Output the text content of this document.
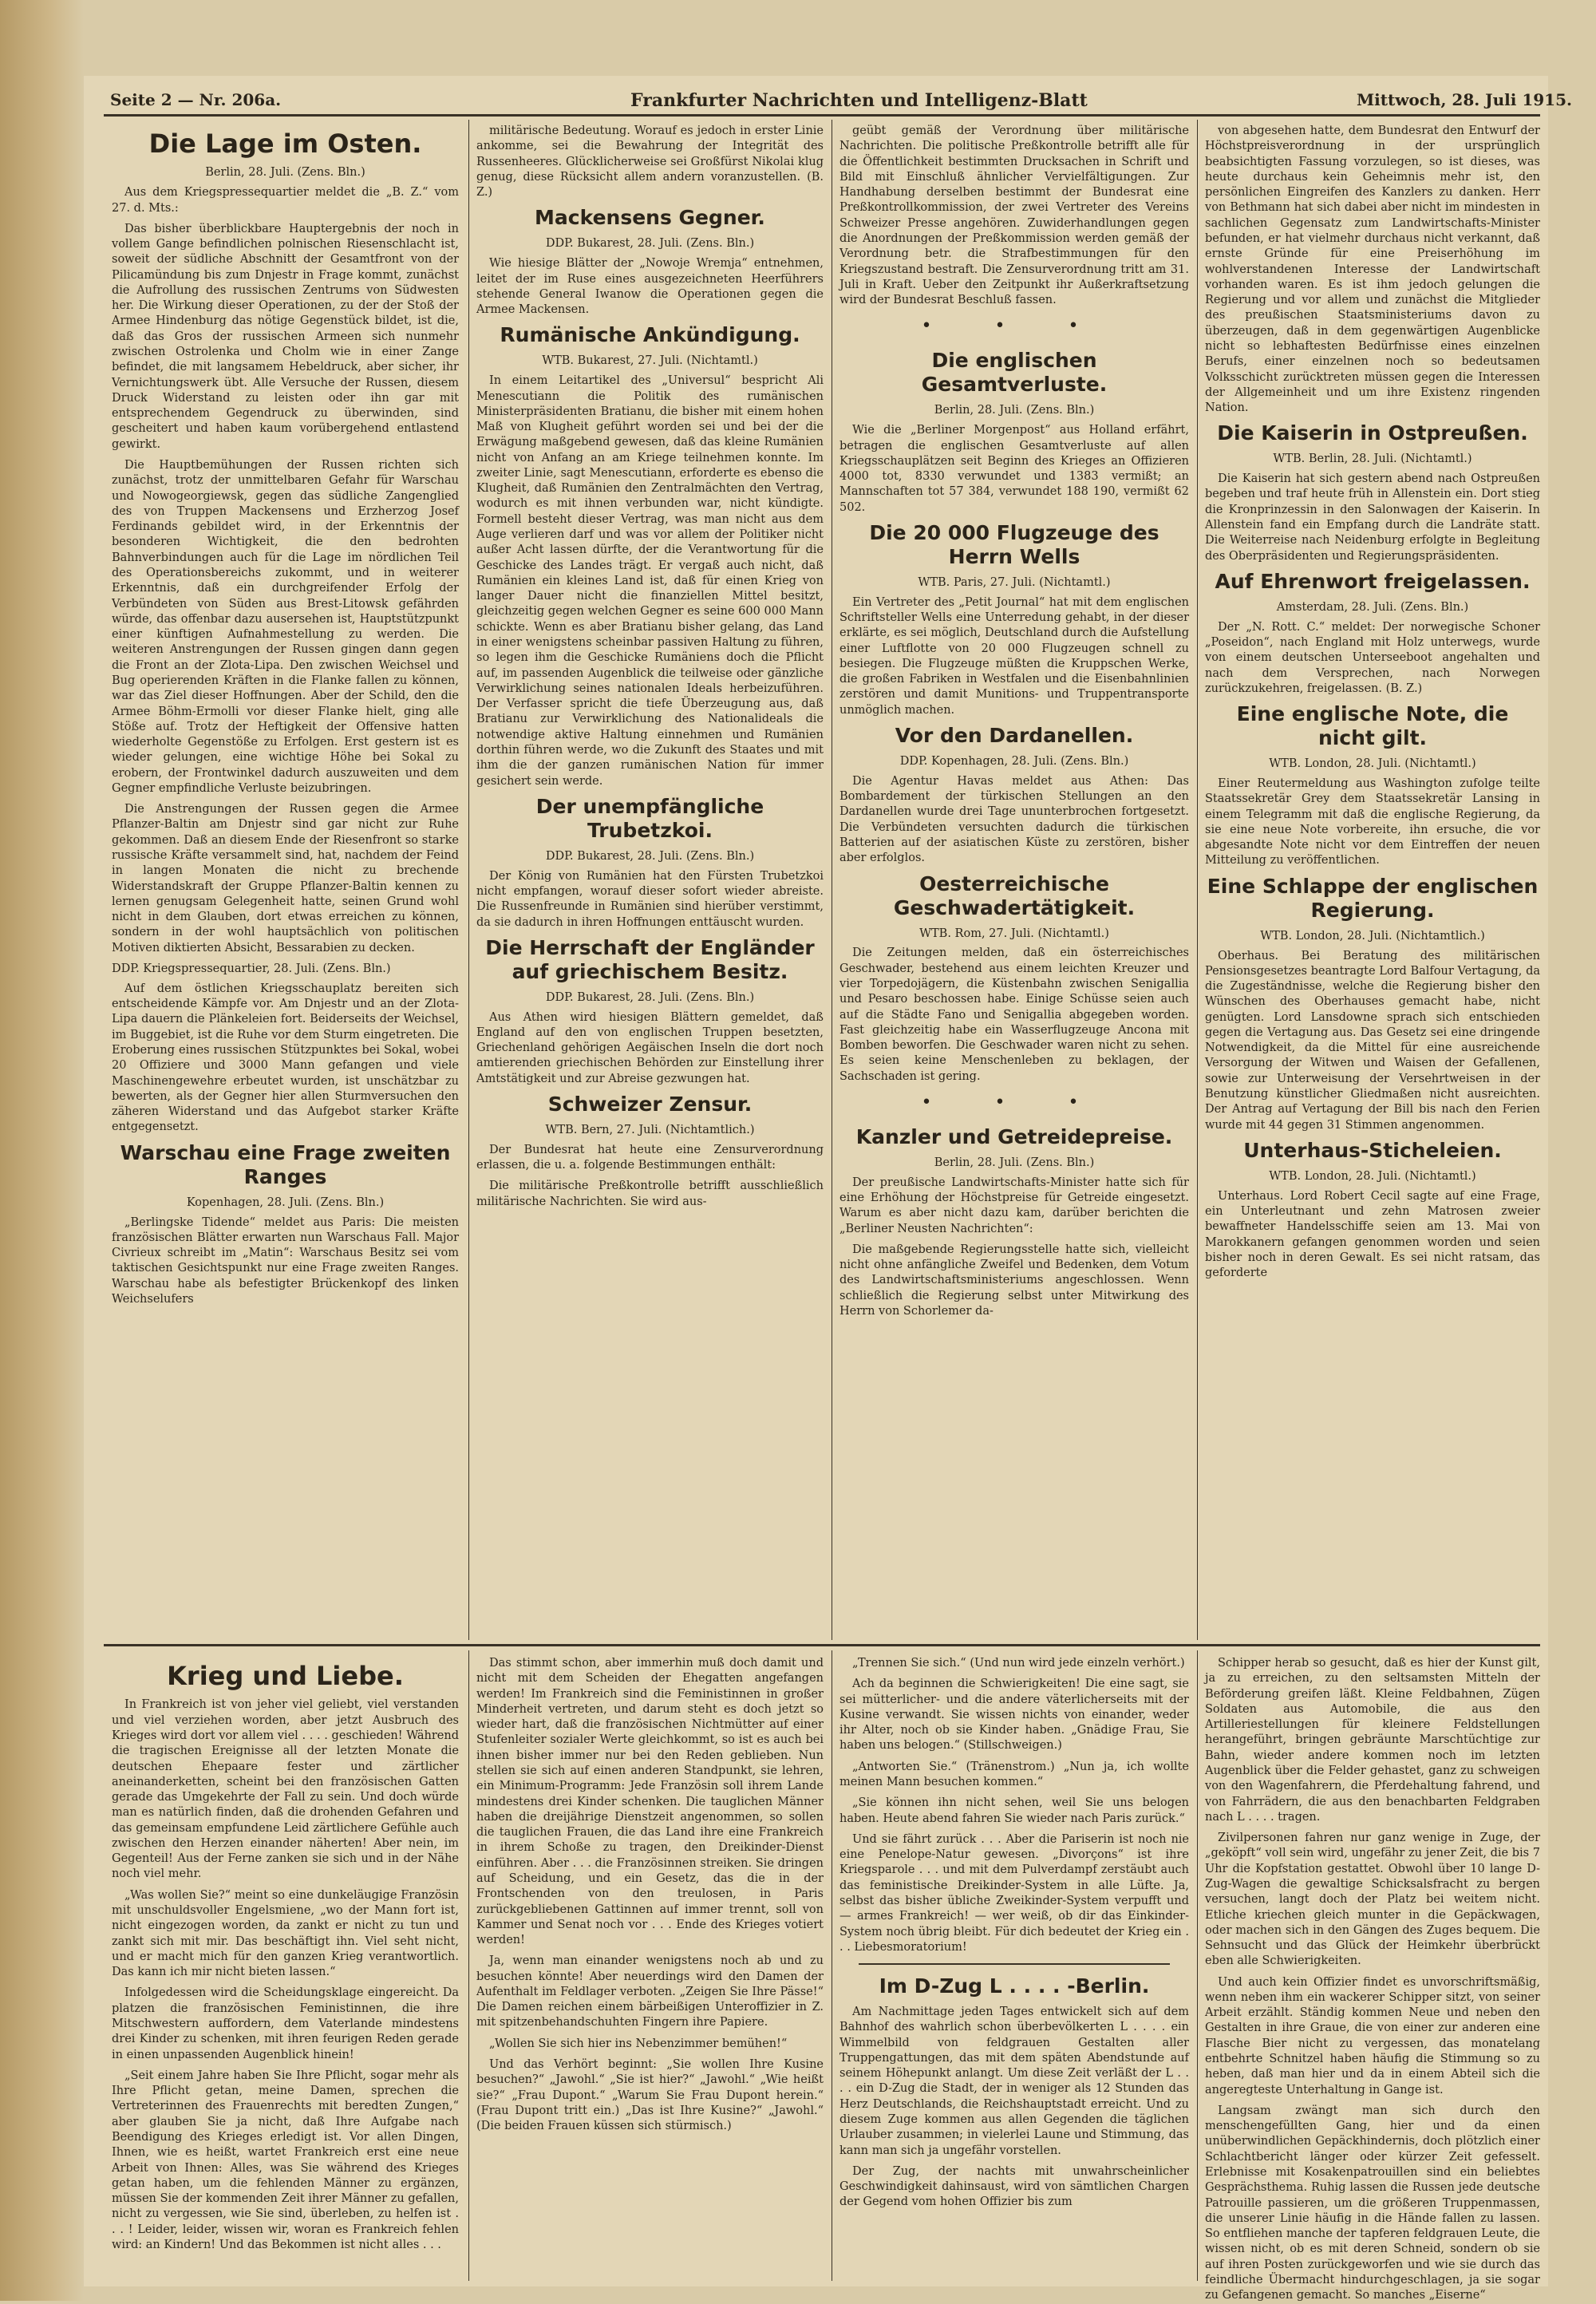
Seite 2 — Nr. 206a.	Frankfurter Nachrichten und Intelligenz-Blatt	Mittwoch, 28. Juli 1915.
Die Lage im Osten.
Berlin, 28. Juli. (Zens. Bln.)

Aus dem Kriegspressequartier meldet die „B. Z.“ vom 27. d. Mts.:

Das bisher überblickbare Hauptergebnis der noch in vollem Gange befindlichen polnischen Riesenschlacht ist, soweit der südliche Abschnitt der Gesamtfront von der Pilicamündung bis zum Dnjestr in Frage kommt, zunächst die Aufrollung des russischen Zentrums von Südwesten her. Die Wirkung dieser Operationen, zu der der Stoß der Armee Hindenburg das nötige Gegenstück bildet, ist die, daß das Gros der russischen Armeen sich nunmehr zwischen Ostrolenka und Cholm wie in einer Zange befindet, die mit langsamem Hebeldruck, aber sicher, ihr Vernichtungswerk übt. Alle Versuche der Russen, diesem Druck Widerstand zu leisten oder ihn gar mit entsprechendem Gegendruck zu überwinden, sind gescheitert und haben kaum vorübergehend entlastend gewirkt.

Die Hauptbemühungen der Russen richten sich zunächst, trotz der unmittelbaren Gefahr für Warschau und Nowogeorgiewsk, gegen das südliche Zangenglied des von Truppen Mackensens und Erzherzog Josef Ferdinands gebildet wird, in der Erkenntnis der besonderen Wichtigkeit, die den bedrohten Bahnverbindungen auch für die Lage im nördlichen Teil des Operationsbereichs zukommt, und in weiterer Erkenntnis, daß ein durchgreifender Erfolg der Verbündeten von Süden aus Brest-Litowsk gefährden würde, das offenbar dazu ausersehen ist, Hauptstützpunkt einer künftigen Aufnahmestellung zu werden. Die weiteren Anstrengungen der Russen gingen dann gegen die Front an der Zlota-Lipa. Den zwischen Weichsel und Bug operierenden Kräften in die Flanke fallen zu können, war das Ziel dieser Hoffnungen. Aber der Schild, den die Armee Böhm-Ermolli vor dieser Flanke hielt, ging alle Stöße auf. Trotz der Heftigkeit der Offensive hatten wiederholte Gegenstöße zu Erfolgen. Erst gestern ist es wieder gelungen, eine wichtige Höhe bei Sokal zu erobern, der Frontwinkel dadurch auszuweiten und dem Gegner empfindliche Verluste beizubringen.

Die Anstrengungen der Russen gegen die Armee Pflanzer-Baltin am Dnjestr sind gar nicht zur Ruhe gekommen. Daß an diesem Ende der Riesenfront so starke russische Kräfte versammelt sind, hat, nachdem der Feind in langen Monaten die nicht zu brechende Widerstandskraft der Gruppe Pflanzer-Baltin kennen zu lernen genugsam Gelegenheit hatte, seinen Grund wohl nicht in dem Glauben, dort etwas erreichen zu können, sondern in der wohl hauptsächlich von politischen Motiven diktierten Absicht, Bessarabien zu decken.

DDP. Kriegspressequartier, 28. Juli. (Zens. Bln.)

Auf dem östlichen Kriegsschauplatz bereiten sich entscheidende Kämpfe vor. Am Dnjestr und an der Zlota-Lipa dauern die Plänkeleien fort. Beiderseits der Weichsel, im Buggebiet, ist die Ruhe vor dem Sturm eingetreten. Die Eroberung eines russischen Stützpunktes bei Sokal, wobei 20 Offiziere und 3000 Mann gefangen und viele Maschinengewehre erbeutet wurden, ist unschätzbar zu bewerten, als der Gegner hier allen Sturmversuchen den zäheren Widerstand und das Aufgebot starker Kräfte entgegensetzt.

Warschau eine Frage zweiten Ranges
Kopenhagen, 28. Juli. (Zens. Bln.)

„Berlingske Tidende“ meldet aus Paris: Die meisten französischen Blätter erwarten nun Warschaus Fall. Major Civrieux schreibt im „Matin“: Warschaus Besitz sei vom taktischen Gesichtspunkt nur eine Frage zweiten Ranges. Warschau habe als befestigter Brückenkopf des linken Weichselufers

militärische Bedeutung. Worauf es jedoch in erster Linie ankomme, sei die Bewahrung der Integrität des Russenheeres. Glücklicherweise sei Großfürst Nikolai klug genug, diese Rücksicht allem andern voranzustellen. (B. Z.)

Mackensens Gegner.
DDP. Bukarest, 28. Juli. (Zens. Bln.)

Wie hiesige Blätter der „Nowoje Wremja“ entnehmen, leitet der im Ruse eines ausgezeichneten Heerführers stehende General Iwanow die Operationen gegen die Armee Mackensen.

Rumänische Ankündigung.
WTB. Bukarest, 27. Juli. (Nichtamtl.)

In einem Leitartikel des „Universul“ bespricht Ali Menescutiann die Politik des rumänischen Ministerpräsidenten Bratianu, die bisher mit einem hohen Maß von Klugheit geführt worden sei und bei der die Erwägung maßgebend gewesen, daß das kleine Rumänien nicht von Anfang an am Kriege teilnehmen konnte. Im zweiter Linie, sagt Menescutiann, erforderte es ebenso die Klugheit, daß Rumänien den Zentralmächten den Vertrag, wodurch es mit ihnen verbunden war, nicht kündigte. Formell besteht dieser Vertrag, was man nicht aus dem Auge verlieren darf und was vor allem der Politiker nicht außer Acht lassen dürfte, der die Verantwortung für die Geschicke des Landes trägt. Er vergaß auch nicht, daß Rumänien ein kleines Land ist, daß für einen Krieg von langer Dauer nicht die finanziellen Mittel besitzt, gleichzeitig gegen welchen Gegner es seine 600 000 Mann schickte. Wenn es aber Bratianu bisher gelang, das Land in einer wenigstens scheinbar passiven Haltung zu führen, so legen ihm die Geschicke Rumäniens doch die Pflicht auf, im passenden Augenblick die teilweise oder gänzliche Verwirklichung seines nationalen Ideals herbeizuführen. Der Verfasser spricht die tiefe Überzeugung aus, daß Bratianu zur Verwirklichung des Nationalideals die notwendige aktive Haltung einnehmen und Rumänien dorthin führen werde, wo die Zukunft des Staates und mit ihm die der ganzen rumänischen Nation für immer gesichert sein werde.

Der unempfängliche Trubetzkoi.
DDP. Bukarest, 28. Juli. (Zens. Bln.)

Der König von Rumänien hat den Fürsten Trubetzkoi nicht empfangen, worauf dieser sofort wieder abreiste. Die Russenfreunde in Rumänien sind hierüber verstimmt, da sie dadurch in ihren Hoffnungen enttäuscht wurden.

Die Herrschaft der Engländer auf griechischem Besitz.
DDP. Bukarest, 28. Juli. (Zens. Bln.)

Aus Athen wird hiesigen Blättern gemeldet, daß England auf den von englischen Truppen besetzten, Griechenland gehörigen Aegäischen Inseln die dort noch amtierenden griechischen Behörden zur Einstellung ihrer Amtstätigkeit und zur Abreise gezwungen hat.

Schweizer Zensur.
WTB. Bern, 27. Juli. (Nichtamtlich.)

Der Bundesrat hat heute eine Zensurverordnung erlassen, die u. a. folgende Bestimmungen enthält:

Die militärische Preßkontrolle betrifft ausschließlich militärische Nachrichten. Sie wird aus-

geübt gemäß der Verordnung über militärische Nachrichten. Die politische Preßkontrolle betrifft alle für die Öffentlichkeit bestimmten Drucksachen in Schrift und Bild mit Einschluß ähnlicher Vervielfältigungen. Zur Handhabung derselben bestimmt der Bundesrat eine Preßkontrollkommission, der zwei Vertreter des Vereins Schweizer Presse angehören. Zuwiderhandlungen gegen die Anordnungen der Preßkommission werden gemäß der Verordnung betr. die Strafbestimmungen für den Kriegszustand bestraft. Die Zensurverordnung tritt am 31. Juli in Kraft. Ueber den Zeitpunkt ihr Außerkraftsetzung wird der Bundesrat Beschluß fassen.

• • •
Die englischen Gesamtverluste.
Berlin, 28. Juli. (Zens. Bln.)

Wie die „Berliner Morgenpost“ aus Holland erfährt, betragen die englischen Gesamtverluste auf allen Kriegsschauplätzen seit Beginn des Krieges an Offizieren 4000 tot, 8330 verwundet und 1383 vermißt; an Mannschaften tot 57 384, verwundet 188 190, vermißt 62 502.

Die 20 000 Flugzeuge des Herrn Wells
WTB. Paris, 27. Juli. (Nichtamtl.)

Ein Vertreter des „Petit Journal“ hat mit dem englischen Schriftsteller Wells eine Unterredung gehabt, in der dieser erklärte, es sei möglich, Deutschland durch die Aufstellung einer Luftflotte von 20 000 Flugzeugen schnell zu besiegen. Die Flugzeuge müßten die Kruppschen Werke, die großen Fabriken in Westfalen und die Eisenbahnlinien zerstören und damit Munitions- und Truppentransporte unmöglich machen.

Vor den Dardanellen.
DDP. Kopenhagen, 28. Juli. (Zens. Bln.)

Die Agentur Havas meldet aus Athen: Das Bombardement der türkischen Stellungen an den Dardanellen wurde drei Tage ununterbrochen fortgesetzt. Die Verbündeten versuchten dadurch die türkischen Batterien auf der asiatischen Küste zu zerstören, bisher aber erfolglos.

Oesterreichische Geschwadertätigkeit.
WTB. Rom, 27. Juli. (Nichtamtl.)

Die Zeitungen melden, daß ein österreichisches Geschwader, bestehend aus einem leichten Kreuzer und vier Torpedojägern, die Küstenbahn zwischen Senigallia und Pesaro beschossen habe. Einige Schüsse seien auch auf die Städte Fano und Senigallia abgegeben worden. Fast gleichzeitig habe ein Wasserflugzeuge Ancona mit Bomben beworfen. Die Geschwader waren nicht zu sehen. Es seien keine Menschenleben zu beklagen, der Sachschaden ist gering.

• • •
Kanzler und Getreidepreise.
Berlin, 28. Juli. (Zens. Bln.)

Der preußische Landwirtschafts-Minister hatte sich für eine Erhöhung der Höchstpreise für Getreide eingesetzt. Warum es aber nicht dazu kam, darüber berichten die „Berliner Neusten Nachrichten“:

Die maßgebende Regierungsstelle hatte sich, vielleicht nicht ohne anfängliche Zweifel und Bedenken, dem Votum des Landwirtschaftsministeriums angeschlossen. Wenn schließlich die Regierung selbst unter Mitwirkung des Herrn von Schorlemer da-

von abgesehen hatte, dem Bundesrat den Entwurf der Höchstpreisverordnung in der ursprünglich beabsichtigten Fassung vorzulegen, so ist dieses, was heute durchaus kein Geheimnis mehr ist, den persönlichen Eingreifen des Kanzlers zu danken. Herr von Bethmann hat sich dabei aber nicht im mindesten in sachlichen Gegensatz zum Landwirtschafts-Minister befunden, er hat vielmehr durchaus nicht verkannt, daß ernste Gründe für eine Preiserhöhung im wohlverstandenen Interesse der Landwirtschaft vorhanden waren. Es ist ihm jedoch gelungen die Regierung und vor allem und zunächst die Mitglieder des preußischen Staatsministeriums davon zu überzeugen, daß in dem gegenwärtigen Augenblicke nicht so lebhaftesten Bedürfnisse eines einzelnen Berufs, einer einzelnen noch so bedeutsamen Volksschicht zurücktreten müssen gegen die Interessen der Allgemeinheit und um ihre Existenz ringenden Nation.

Die Kaiserin in Ostpreußen.
WTB. Berlin, 28. Juli. (Nichtamtl.)

Die Kaiserin hat sich gestern abend nach Ostpreußen begeben und traf heute früh in Allenstein ein. Dort stieg die Kronprinzessin in den Salonwagen der Kaiserin. In Allenstein fand ein Empfang durch die Landräte statt. Die Weiterreise nach Neidenburg erfolgte in Begleitung des Oberpräsidenten und Regierungspräsidenten.

Auf Ehrenwort freigelassen.
Amsterdam, 28. Juli. (Zens. Bln.)

Der „N. Rott. C.“ meldet: Der norwegische Schoner „Poseidon“, nach England mit Holz unterwegs, wurde von einem deutschen Unterseeboot angehalten und nach dem Versprechen, nach Norwegen zurückzukehren, freigelassen. (B. Z.)

Eine englische Note, die nicht gilt.
WTB. London, 28. Juli. (Nichtamtl.)

Einer Reutermeldung aus Washington zufolge teilte Staatssekretär Grey dem Staatssekretär Lansing in einem Telegramm mit daß die englische Regierung, da sie eine neue Note vorbereite, ihn ersuche, die vor abgesandte Note nicht vor dem Eintreffen der neuen Mitteilung zu veröffentlichen.

Eine Schlappe der englischen Regierung.
WTB. London, 28. Juli. (Nichtamtlich.)

Oberhaus. Bei Beratung des militärischen Pensionsgesetzes beantragte Lord Balfour Vertagung, da die Zugeständnisse, welche die Regierung bisher den Wünschen des Oberhauses gemacht habe, nicht genügten. Lord Lansdowne sprach sich entschieden gegen die Vertagung aus. Das Gesetz sei eine dringende Notwendigkeit, da die Mittel für eine ausreichende Versorgung der Witwen und Waisen der Gefallenen, sowie zur Unterweisung der Versehrtweisen in der Benutzung künstlicher Gliedmaßen nicht ausreichten. Der Antrag auf Vertagung der Bill bis nach den Ferien wurde mit 44 gegen 31 Stimmen angenommen.

Unterhaus-Sticheleien.
WTB. London, 28. Juli. (Nichtamtl.)

Unterhaus. Lord Robert Cecil sagte auf eine Frage, ein Unterleutnant und zehn Matrosen zweier bewaffneter Handelsschiffe seien am 13. Mai von Marokkanern gefangen genommen worden und seien bisher noch in deren Gewalt. Es sei nicht ratsam, das geforderte

Krieg und Liebe.

In Frankreich ist von jeher viel geliebt, viel verstanden und viel verziehen worden, aber jetzt Ausbruch des Krieges wird dort vor allem viel . . . . geschieden! Während die tragischen Ereignisse all der letzten Monate die deutschen Ehepaare fester und zärtlicher aneinanderketten, scheint bei den französischen Gatten gerade das Umgekehrte der Fall zu sein. Und doch würde man es natürlich finden, daß die drohenden Gefahren und das gemeinsam empfundene Leid zärtlichere Gefühle auch zwischen den Herzen einander näherten! Aber nein, im Gegenteil! Aus der Ferne zanken sie sich und in der Nähe noch viel mehr.

„Was wollen Sie?“ meint so eine dunkeläugige Französin mit unschuldsvoller Engelsmiene, „wo der Mann fort ist, nicht eingezogen worden, da zankt er nicht zu tun und zankt sich mit mir. Das beschäftigt ihn. Viel seht nicht, und er macht mich für den ganzen Krieg verantwortlich. Das kann ich mir nicht bieten lassen.“

Infolgedessen wird die Scheidungsklage eingereicht. Da platzen die französischen Feministinnen, die ihre Mitschwestern auffordern, dem Vaterlande mindestens drei Kinder zu schenken, mit ihren feurigen Reden gerade in einen unpassenden Augenblick hinein!

„Seit einem Jahre haben Sie Ihre Pflicht, sogar mehr als Ihre Pflicht getan, meine Damen, sprechen die Vertreterinnen des Frauenrechts mit beredten Zungen,“ aber glauben Sie ja nicht, daß Ihre Aufgabe nach Beendigung des Krieges erledigt ist. Vor allen Dingen, Ihnen, wie es heißt, wartet Frankreich erst eine neue Arbeit von Ihnen: Alles, was Sie während des Krieges getan haben, um die fehlenden Männer zu ergänzen, müssen Sie der kommenden Zeit ihrer Männer zu gefallen, nicht zu vergessen, wie Sie sind, überleben, zu helfen ist . . . ! Leider, leider, wissen wir, woran es Frankreich fehlen wird: an Kindern! Und das Bekommen ist nicht alles . . .

Das stimmt schon, aber immerhin muß doch damit und nicht mit dem Scheiden der Ehegatten angefangen werden! Im Frankreich sind die Feministinnen in großer Minderheit vertreten, und darum steht es doch jetzt so wieder hart, daß die französischen Nichtmütter auf einer Stufenleiter sozialer Werte gleichkommt, so ist es auch bei ihnen bisher immer nur bei den Reden geblieben. Nun stellen sie sich auf einen anderen Standpunkt, sie lehren, ein Minimum-Programm: Jede Französin soll ihrem Lande mindestens drei Kinder schenken. Die tauglichen Männer haben die dreijährige Dienstzeit angenommen, so sollen die tauglichen Frauen, die das Land ihre eine Frankreich in ihrem Schoße zu tragen, den Dreikinder-Dienst einführen. Aber . . . die Französinnen streiken. Sie dringen auf Scheidung, und ein Gesetz, das die in der Frontschenden von den treulosen, in Paris zurückgebliebenen Gattinnen auf immer trennt, soll von Kammer und Senat noch vor . . . Ende des Krieges votiert werden!

Ja, wenn man einander wenigstens noch ab und zu besuchen könnte! Aber neuerdings wird den Damen der Aufenthalt im Feldlager verboten. „Zeigen Sie Ihre Pässe!“ Die Damen reichen einem bärbeißigen Unteroffizier in Z. mit spitzenbehandschuhten Fingern ihre Papiere.

„Wollen Sie sich hier ins Nebenzimmer bemühen!“

Und das Verhört beginnt: „Sie wollen Ihre Kusine besuchen?“ „Jawohl.“ „Sie ist hier?“ „Jawohl.“ „Wie heißt sie?“ „Frau Dupont.“ „Warum Sie Frau Dupont herein.“ (Frau Dupont tritt ein.) „Das ist Ihre Kusine?“ „Jawohl.“ (Die beiden Frauen küssen sich stürmisch.)

„Trennen Sie sich.“ (Und nun wird jede einzeln verhört.)

Ach da beginnen die Schwierigkeiten! Die eine sagt, sie sei mütterlicher- und die andere väterlicherseits mit der Kusine verwandt. Sie wissen nichts von einander, weder ihr Alter, noch ob sie Kinder haben. „Gnädige Frau, Sie haben uns belogen.“ (Stillschweigen.)

„Antworten Sie.“ (Tränenstrom.) „Nun ja, ich wollte meinen Mann besuchen kommen.“

„Sie können ihn nicht sehen, weil Sie uns belogen haben. Heute abend fahren Sie wieder nach Paris zurück.“

Und sie fährt zurück . . . Aber die Pariserin ist noch nie eine Penelope-Natur gewesen. „Divorçons“ ist ihre Kriegsparole . . . und mit dem Pulverdampf zerstäubt auch das feministische Dreikinder-System in alle Lüfte. Ja, selbst das bisher übliche Zweikinder-System verpufft und — armes Frankreich! — wer weiß, ob dir das Einkinder-System noch übrig bleibt. Für dich bedeutet der Krieg ein . . . Liebesmoratorium!

Im D-Zug L . . . . -Berlin.

Am Nachmittage jeden Tages entwickelt sich auf dem Bahnhof des wahrlich schon überbevölkerten L . . . . ein Wimmelbild von feldgrauen Gestalten aller Truppengattungen, das mit dem späten Abendstunde auf seinem Höhepunkt anlangt. Um diese Zeit verläßt der L . . . . ein D-Zug die Stadt, der in weniger als 12 Stunden das Herz Deutschlands, die Reichshauptstadt erreicht. Und zu diesem Zuge kommen aus allen Gegenden die täglichen Urlauber zusammen; in vielerlei Laune und Stimmung, das kann man sich ja ungefähr vorstellen.

Der Zug, der nachts mit unwahrscheinlicher Geschwindigkeit dahinsaust, wird von sämtlichen Chargen der Gegend vom hohen Offizier bis zum

Schipper herab so gesucht, daß es hier der Kunst gilt, ja zu erreichen, zu den seltsamsten Mitteln der Beförderung greifen läßt. Kleine Feldbahnen, Zügen Soldaten aus Automobile, die aus den Artilleriestellungen für kleinere Feldstellungen herangeführt, bringen gebräunte Marschtüchtige zur Bahn, wieder andere kommen noch im letzten Augenblick über die Felder gehastet, ganz zu schweigen von den Wagenfahrern, die Pferdehaltung fahrend, und von Fahrrädern, die aus den benachbarten Feldgraben nach L . . . . tragen.

Zivilpersonen fahren nur ganz wenige in Zuge, der „geköpft“ voll sein wird, ungefähr zu jener Zeit, die bis 7 Uhr die Kopfstation gestattet. Obwohl über 10 lange D-Zug-Wagen die gewaltige Schicksalsfracht zu bergen versuchen, langt doch der Platz bei weitem nicht. Etliche kriechen gleich munter in die Gepäckwagen, oder machen sich in den Gängen des Zuges bequem. Die Sehnsucht und das Glück der Heimkehr überbrückt eben alle Schwierigkeiten.

Und auch kein Offizier findet es unvorschriftsmäßig, wenn neben ihm ein wackerer Schipper sitzt, von seiner Arbeit erzählt. Ständig kommen Neue und neben den Gestalten in ihre Graue, die von einer zur anderen eine Flasche Bier nicht zu vergessen, das monatelang entbehrte Schnitzel haben häufig die Stimmung so zu heben, daß man hier und da in einem Abteil sich die angeregteste Unterhaltung in Gange ist.

Langsam zwängt man sich durch den menschengefüllten Gang, hier und da einen unüberwindlichen Gepäckhindernis, doch plötzlich einer Schlachtbericht länger oder kürzer Zeit gefesselt. Erlebnisse mit Kosakenpatrouillen sind ein beliebtes Gesprächsthema. Ruhig lassen die Russen jede deutsche Patrouille passieren, um die größeren Truppenmassen, die unserer Linie häufig in die Hände fallen zu lassen. So entfliehen manche der tapferen feldgrauen Leute, die wissen nicht, ob es mit deren Schneid, sondern ob sie auf ihren Posten zurückgeworfen und wie sie durch das feindliche Übermacht hindurchgeschlagen, ja sie sogar zu Gefangenen gemacht. So manches „Eiserne“
